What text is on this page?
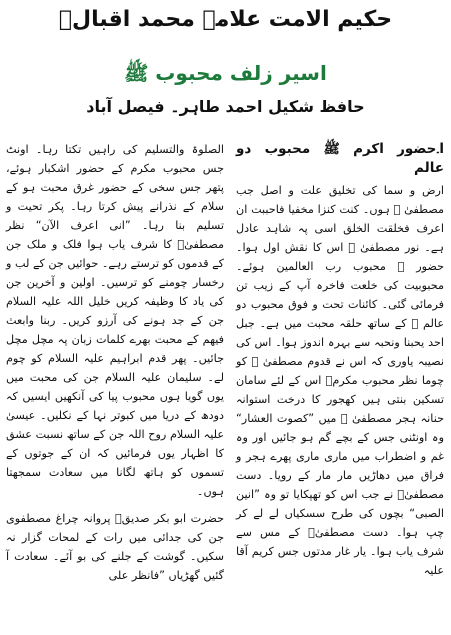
حکیم الامت علامہ محمد اقبالؒ
اسیر زلف محبوب ﷺ
حافظ شکیل احمد طاہر۔ فیصل آباد
ا۔حضور اکرم ﷺ محبوب دو عالم
ارض و سما کی تخلیق علت و اصل جب مصطفیٰ ﷺ ہوں۔ کنت کنزا مخفیا فاحببت ان اعرف فخلقت الخلق اسی پہ شاہد عادل ہے۔ نور مصطفیٰ ﷺ اس کا نقش اول ہوا۔ حضور ﷺ محبوب رب العالمین ہوئے۔ محبوبیت کی خلعت فاخرہ آپ کے زیب تن فرمائی گئی۔ کائنات تحت و فوق محبوب دو عالم ﷺ کے ساتھ حلقہ محبت میں ہے۔ جبل احد یحبنا ونحبہ سے بہرہ اندوز ہوا۔ اس کی نصیبہ یاوری کہ اس نے قدوم مصطفیٰ ﷺ کو چوما نظر محبوب مکرمؐ اس کے لئے سامان تسکین بنتی ہیں کھجور کا درخت استوانہ حنانہ ہجر مصطفیٰ ﷺ میں ”کصوت العشار“ وہ اونٹنی جس کے بچے گم ہو جائیں اور وہ غم و اضطراب میں ماری ماری پھرے ہجر و فراق میں دھاڑیں مار مار کے رویا۔ دست مصطفیٰؐ نے جب اس کو تھپکایا تو وہ ”انین الصبی“ بچوں کی طرح سسکیاں لے لے کر چپ ہوا۔ دست مصطفیٰؐ کے مس سے شرف یاب ہوا۔ یار غار مدتوں جس کریم آقا علیہ
الصلوۃ والتسلیم کی راہیں تکتا رہا۔ اونٹ جس محبوب مکرم کے حضور اشکبار ہوئے، پتھر جس سخی کے حضور غرق محبت ہو کے سلام کے نذرانے پیش کرتا رہا۔ پکر تحیت و تسلیم بنا رہا۔ ”انی اعرف الآن“ نظر مصطفیٰؐ کا شرف یاب ہوا فلک و ملک جن کے قدموں کو ترستے رہے۔ حوائیں جن کے لب و رخسار چومنے کو ترسیں۔ اولین و آخرین جن کی یاد کا وظیفہ کریں خلیل اللہ علیہ السلام جن کے جد ہونے کی آرزو کریں۔ ربنا وابعث فیھم کے محبت بھرے کلمات زبان پہ مچل مچل جائیں۔ پھر قدم ابراہیم علیہ السلام کو چوم لے۔ سلیمان علیہ السلام جن کی محبت میں یوں گویا ہوں محبوب پیا کی آنکھیں ایسیں کہ دودھ کے دریا میں کبوتر نہا کے نکلیں۔ عیسیٰ علیہ السلام روح اللہ جن کے ساتھ نسبت عشق کا اظہار یوں فرمائیں کہ ان کے جوتوں کے تسموں کو ہاتھ لگانا میں سعادت سمجھتا ہوں۔
حضرت ابو بکر صدیقؓ پروانہ چراغ مصطفوی جن کی جدائی میں رات کے لمحات گزار نہ سکیں۔ گوشت کے جلنے کی بو آئے۔ سعادت آ گئیں گھڑیاں ”فانظر علی
